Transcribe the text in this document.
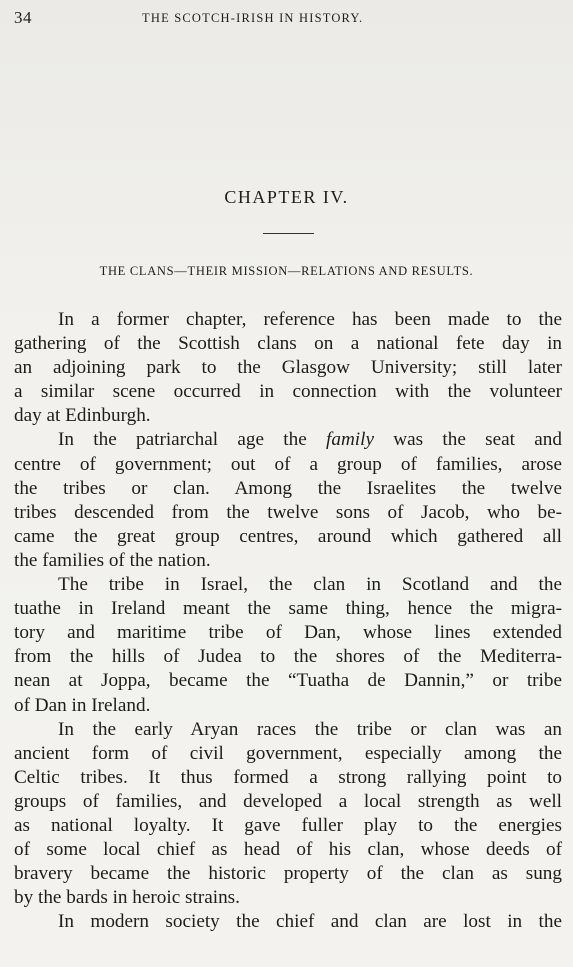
34	THE SCOTCH-IRISH IN HISTORY.
CHAPTER IV.
THE CLANS—THEIR MISSION—RELATIONS AND RESULTS.
In a former chapter, reference has been made to the
gathering of the Scottish clans on a national fete day in
an adjoining park to the Glasgow University; still later
a similar scene occurred in connection with the volunteer
day at Edinburgh.
In the patriarchal age the family was the seat and
centre of government; out of a group of families, arose
the tribes or clan. Among the Israelites the twelve
tribes descended from the twelve sons of Jacob, who be-
came the great group centres, around which gathered all
the families of the nation.
The tribe in Israel, the clan in Scotland and the
tuathe in Ireland meant the same thing, hence the migra-
tory and maritime tribe of Dan, whose lines extended
from the hills of Judea to the shores of the Mediterra-
nean at Joppa, became the “Tuatha de Dannin,” or tribe
of Dan in Ireland.
In the early Aryan races the tribe or clan was an
ancient form of civil government, especially among the
Celtic tribes. It thus formed a strong rallying point to
groups of families, and developed a local strength as well
as national loyalty. It gave fuller play to the energies
of some local chief as head of his clan, whose deeds of
bravery became the historic property of the clan as sung
by the bards in heroic strains.
In modern society the chief and clan are lost in the
